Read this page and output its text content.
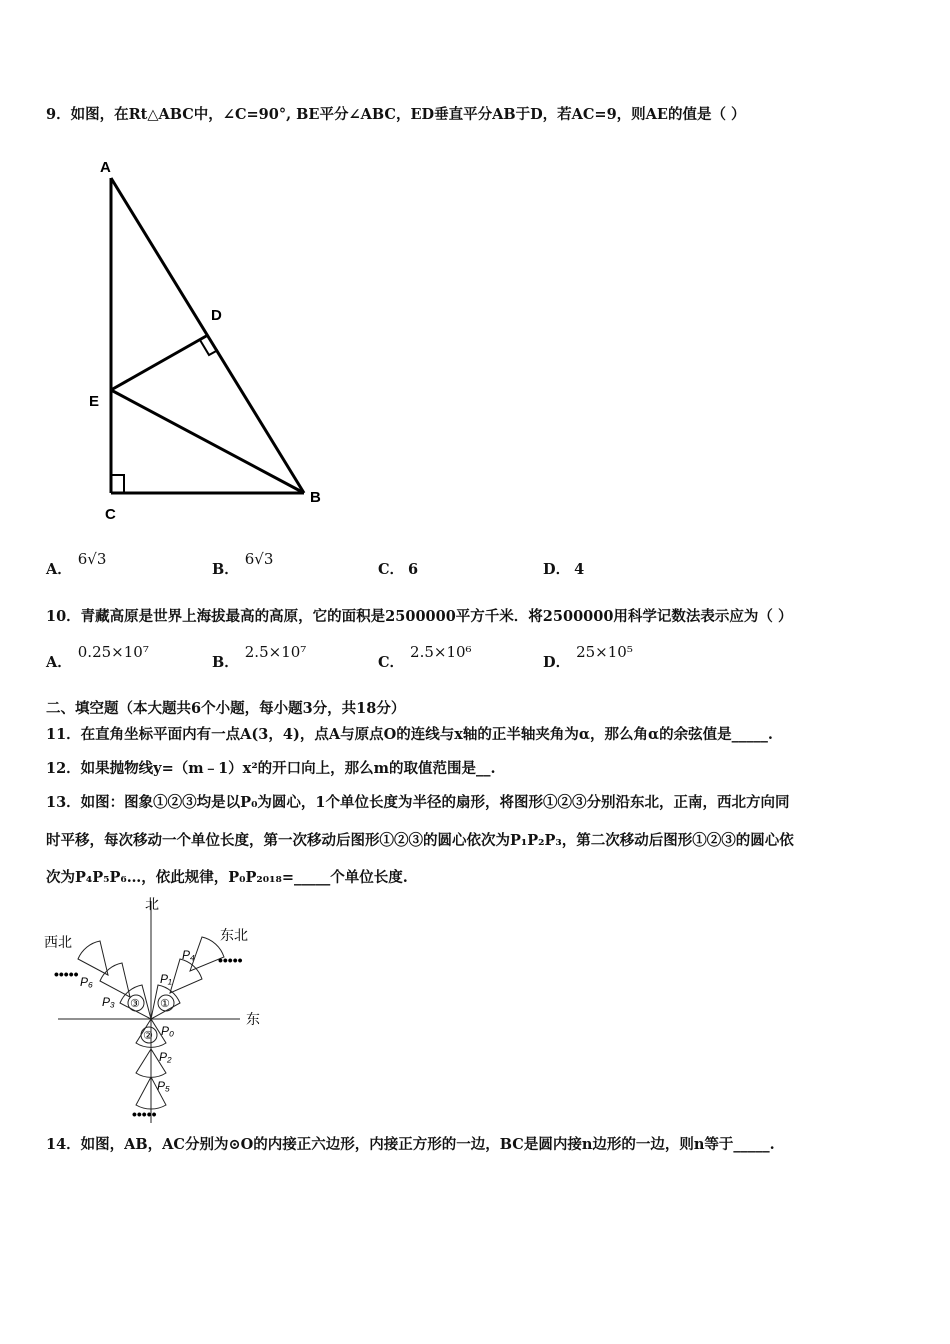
9．如图，在Rt△ABC中，∠C=90°, BE平分∠ABC，ED垂直平分AB于D，若AC=9，则AE的值是（ ）
A
D
E
C
B
A．6√3
B．6√3
C． 6	D． 4
10．青藏高原是世界上海拔最高的高原，它的面积是2500000平方千米．将2500000用科学记数法表示应为（ ）
A．0.25×10⁷
B．2.5×10⁷
C．2.5×10⁶
D．25×10⁵
二、填空题（本大题共6个小题，每小题3分，共18分）
11．在直角坐标平面内有一点A(3，4)，点A与原点O的连线与x轴的正半轴夹角为α，那么角α的余弦值是_____.
12．如果抛物线y=（m﹣1）x²的开口向上，那么m的取值范围是__.
13．如图：图象①②③均是以P₀为圆心，1个单位长度为半径的扇形，将图形①②③分别沿东北，正南，西北方向同
时平移，每次移动一个单位长度，第一次移动后图形①②③的圆心依次为P₁P₂P₃，第二次移动后图形①②③的圆心依
次为P₄P₅P₆…，依此规律，P₀P₂₀₁₈=_____个单位长度.
•••••
•••••
•••••
北
东
东北
西北
P₀
P₁
P₂
P₃
P₄
P₅
P₆
①
②
③
14．如图，AB，AC分别为⊙O的内接正六边形，内接正方形的一边，BC是圆内接n边形的一边，则n等于_____.
